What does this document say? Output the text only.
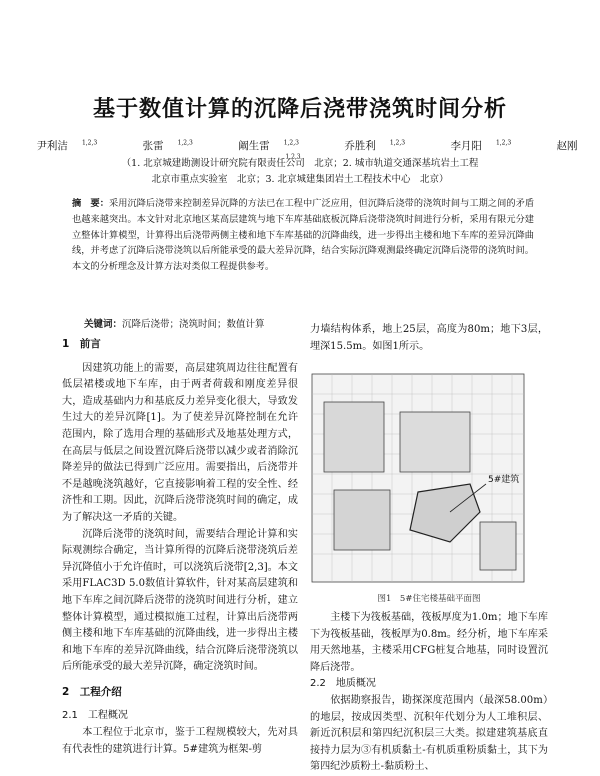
基于数值计算的沉降后浇带浇筑时间分析
尹利洁 $^{1,2,3}$	张雷 $^{1,2,3}$	阚生雷 $^{1,2,3}$	乔胜利 $^{1,2,3}$	李月阳 $^{1,2,3}$	赵刚$^{1,2,3}$
（1. 北京城建勘测设计研究院有限责任公司　北京；2. 城市轨道交通深基坑岩土工程
北京市重点实验室　北京；3. 北京城建集团岩土工程技术中心　北京）
摘　要：采用沉降后浇带来控制差异沉降的方法已在工程中广泛应用，但沉降后浇带的浇筑时间与工期之间的矛盾也越来越突出。本文针对北京地区某高层建筑与地下车库基础底板沉降后浇带浇筑时间进行分析，采用有限元分建立整体计算模型，计算得出后浇带两侧主楼和地下车库基础的沉降曲线，进一步得出主楼和地下车库的差异沉降曲线，并考虑了沉降后浇带浇筑以后所能承受的最大差异沉降，结合实际沉降观测最终确定沉降后浇带的浇筑时间。本文的分析理念及计算方法对类似工程提供参考。
关键词：沉降后浇带；浇筑时间；数值计算
1　前言

因建筑功能上的需要，高层建筑周边往往配置有低层裙楼或地下车库，由于两者荷载和刚度差异很大，造成基础内力和基底反力差异变化很大，导致发生过大的差异沉降[1]。为了使差异沉降控制在允许范围内，除了选用合理的基础形式及地基处理方式，在高层与低层之间设置沉降后浇带以减少或者消除沉降差异的做法已得到广泛应用。需要指出，后浇带并不是越晚浇筑越好，它直接影响着工程的安全性、经济性和工期。因此，沉降后浇带浇筑时间的确定，成为了解决这一矛盾的关键。

沉降后浇带的浇筑时间，需要结合理论计算和实际观测综合确定，当计算所得的沉降后浇带浇筑后差异沉降值小于允许值时，可以浇筑后浇带[2,3]。本文采用FLAC3D 5.0数值计算软件，针对某高层建筑和地下车库之间沉降后浇带的浇筑时间进行分析，建立整体计算模型，通过模拟施工过程，计算出后浇带两侧主楼和地下车库基础的沉降曲线，进一步得出主楼和地下车库的差异沉降曲线，结合沉降后浇带浇筑以后所能承受的最大差异沉降，确定浇筑时间。

2　工程介绍
2.1　工程概况

本工程位于北京市，鉴于工程规模较大，先对具有代表性的建筑进行计算。5#建筑为框架-剪

力墙结构体系，地上25层，高度为80m；地下3层，埋深15.5m。如图1所示。

5#建筑
图1　5#住宅楼基础平面图

主楼下为筏板基础，筏板厚度为1.0m；地下车库下为筏板基础，筏板厚为0.8m。经分析，地下车库采用天然地基，主楼采用CFG桩复合地基，同时设置沉降后浇带。

2.2　地质概况

依据勘察报告，勘探深度范围内（最深58.00m）的地层，按成因类型、沉积年代划分为人工堆积层、新近沉积层和第四纪沉积层三大类。拟建建筑基底直接持力层为③有机质黏土-有机质重粉质黏土，其下为第四纪沙质粉土-黏质粉土、
